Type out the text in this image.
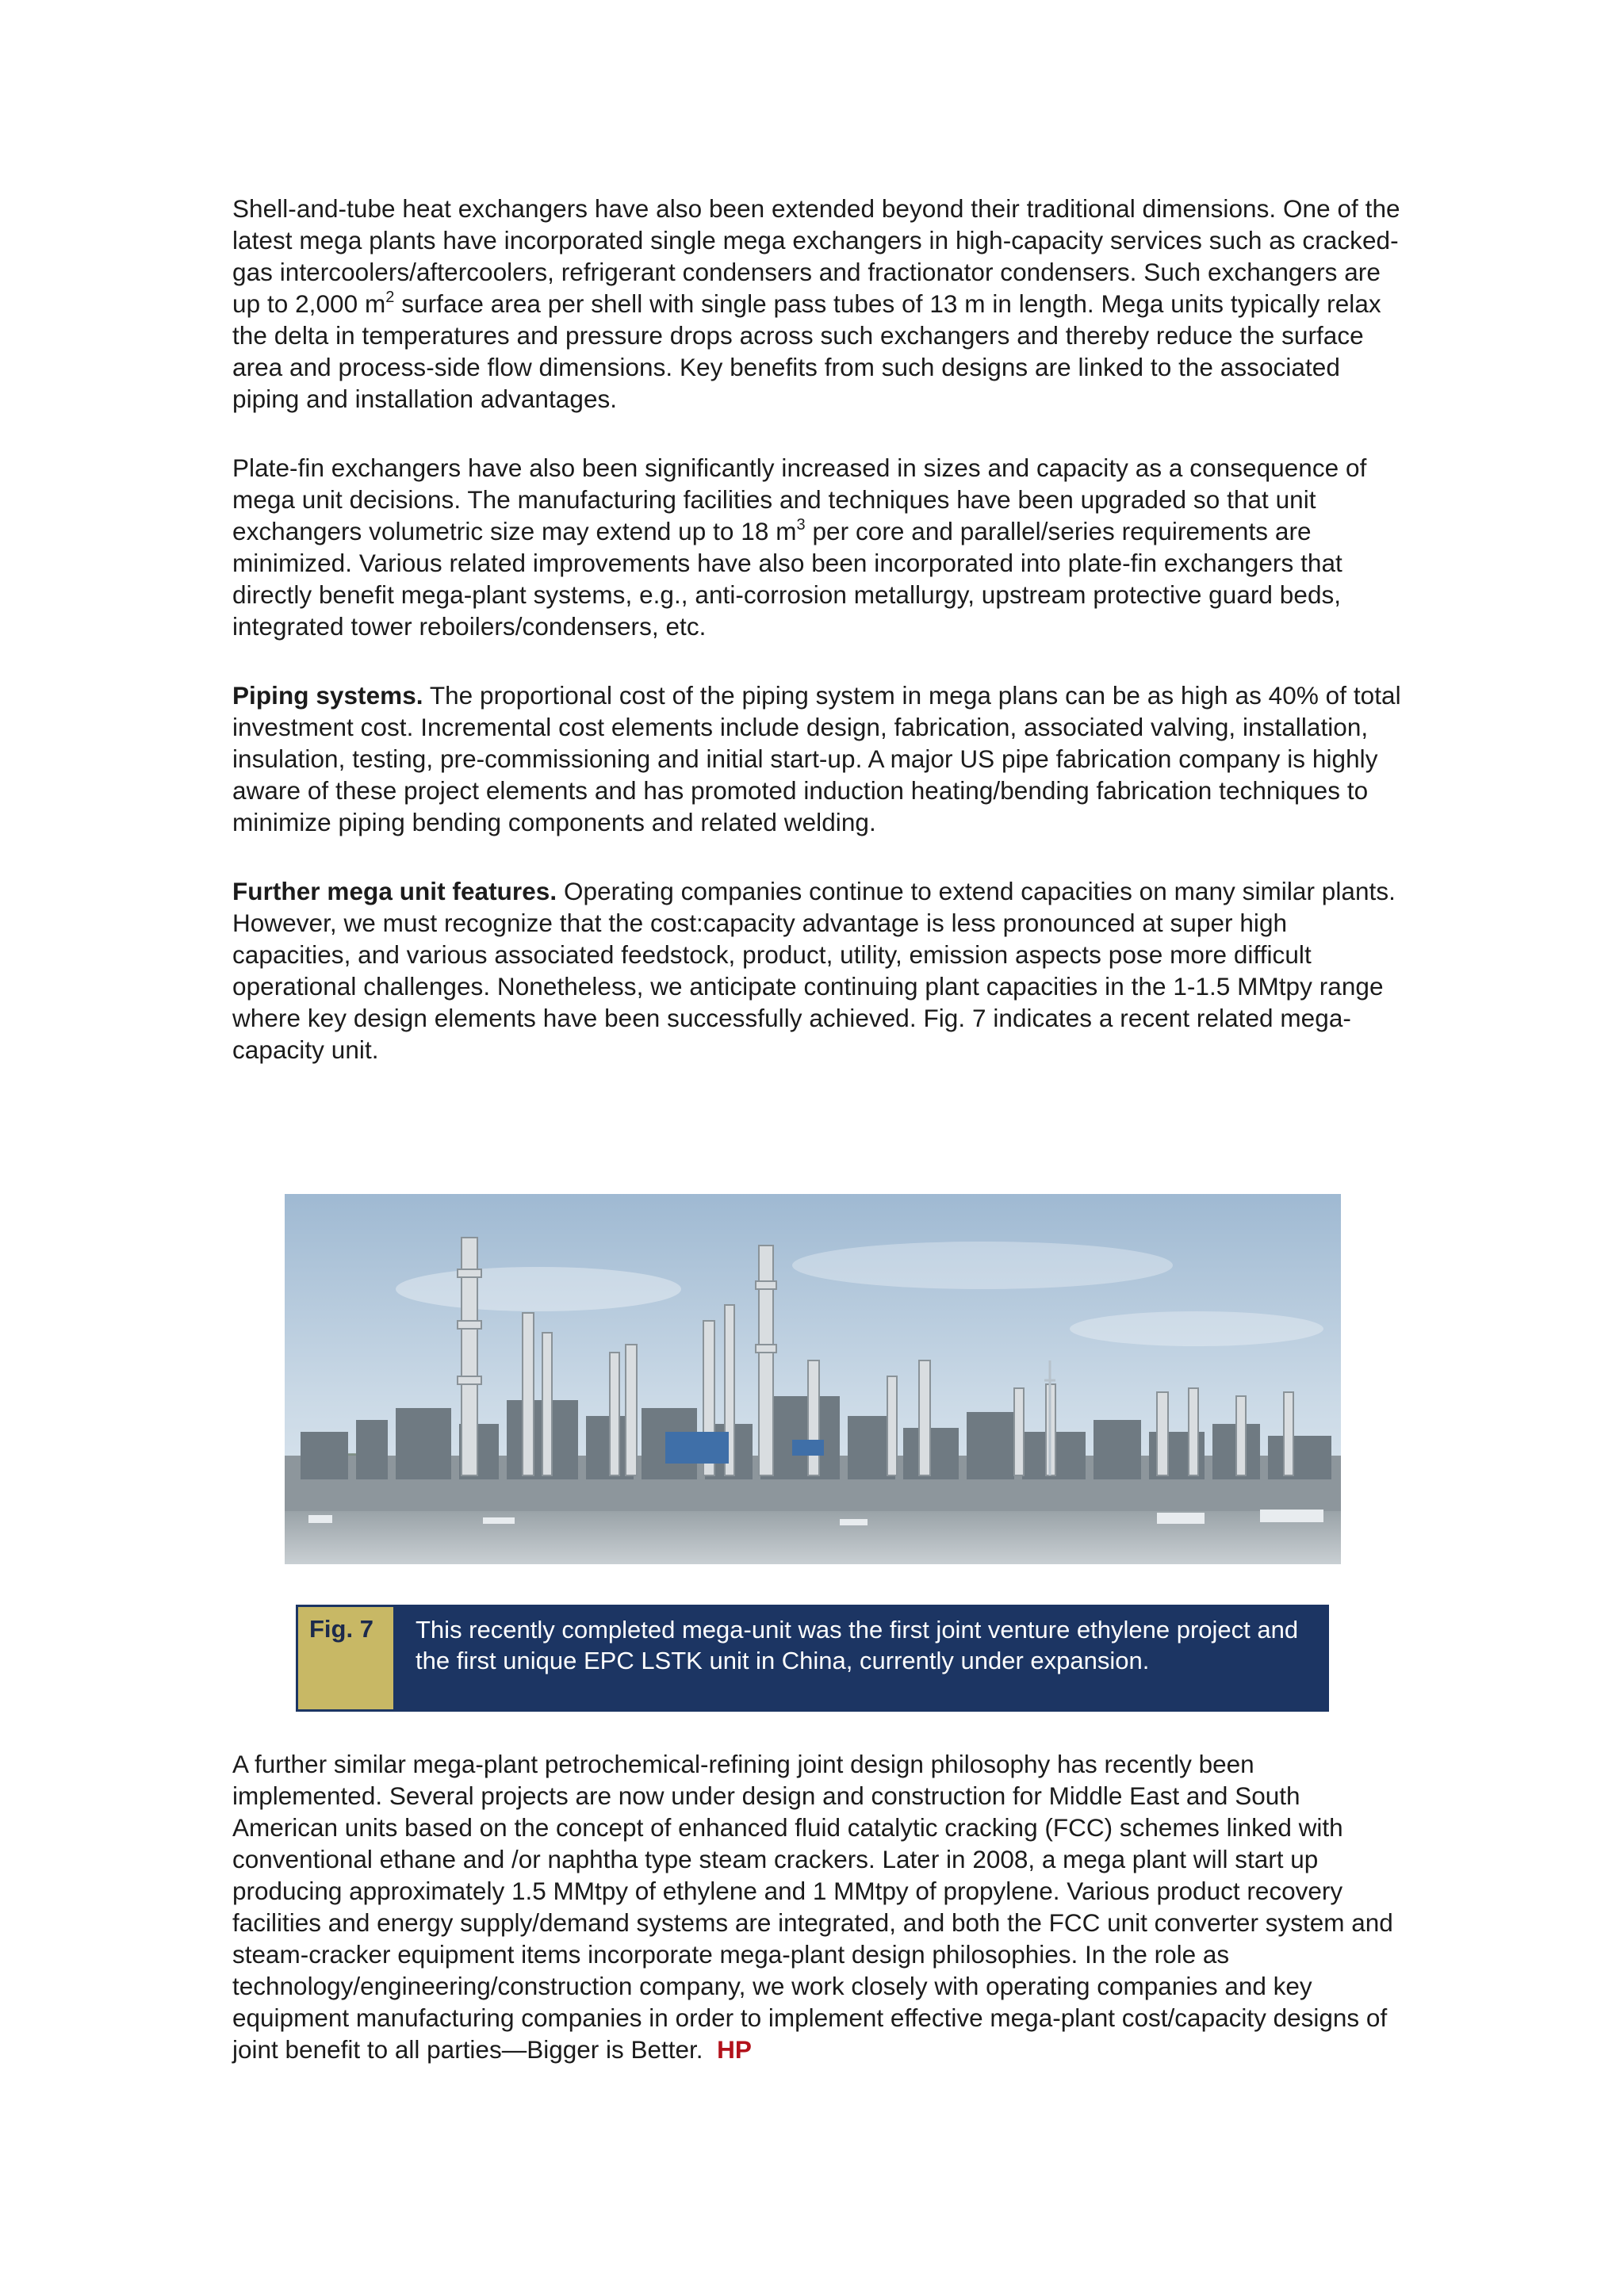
Shell-and-tube heat exchangers have also been extended beyond their traditional dimensions. One of the latest mega plants have incorporated single mega exchangers in high-capacity services such as cracked-gas intercoolers/aftercoolers, refrigerant condensers and fractionator condensers. Such exchangers are up to 2,000 $m^2$ surface area per shell with single pass tubes of 13 m in length. Mega units typically relax the delta in temperatures and pressure drops across such exchangers and thereby reduce the surface area and process-side flow dimensions. Key benefits from such designs are linked to the associated piping and installation advantages.

Plate-fin exchangers have also been significantly increased in sizes and capacity as a consequence of mega unit decisions. The manufacturing facilities and techniques have been upgraded so that unit exchangers volumetric size may extend up to 18 $m^3$ per core and parallel/series requirements are minimized. Various related improvements have also been incorporated into plate-fin exchangers that directly benefit mega-plant systems, e.g., anti-corrosion metallurgy, upstream protective guard beds, integrated tower reboilers/condensers, etc.

Piping systems. The proportional cost of the piping system in mega plans can be as high as 40% of total investment cost. Incremental cost elements include design, fabrication, associated valving, installation, insulation, testing, pre-commissioning and initial start-up. A major US pipe fabrication company is highly aware of these project elements and has promoted induction heating/bending fabrication techniques to minimize piping bending components and related welding.

Further mega unit features. Operating companies continue to extend capacities on many similar plants. However, we must recognize that the cost:capacity advantage is less pronounced at super high capacities, and various associated feedstock, product, utility, emission aspects pose more difficult operational challenges. Nonetheless, we anticipate continuing plant capacities in the 1-1.5 MMtpy range where key design elements have been successfully achieved. Fig. 7 indicates a recent related mega-capacity unit.

Fig. 7	This recently completed mega-unit was the first joint venture ethylene project and the first unique EPC LSTK unit in China, currently under expansion.

A further similar mega-plant petrochemical-refining joint design philosophy has recently been implemented. Several projects are now under design and construction for Middle East and South American units based on the concept of enhanced fluid catalytic cracking (FCC) schemes linked with conventional ethane and /or naphtha type steam crackers. Later in 2008, a mega plant will start up producing approximately 1.5 MMtpy of ethylene and 1 MMtpy of propylene. Various product recovery facilities and energy supply/demand systems are integrated, and both the FCC unit converter system and steam-cracker equipment items incorporate mega-plant design philosophies. In the role as technology/engineering/construction company, we work closely with operating companies and key equipment manufacturing companies in order to implement effective mega-plant cost/capacity designs of joint benefit to all parties—Bigger is Better. HP
